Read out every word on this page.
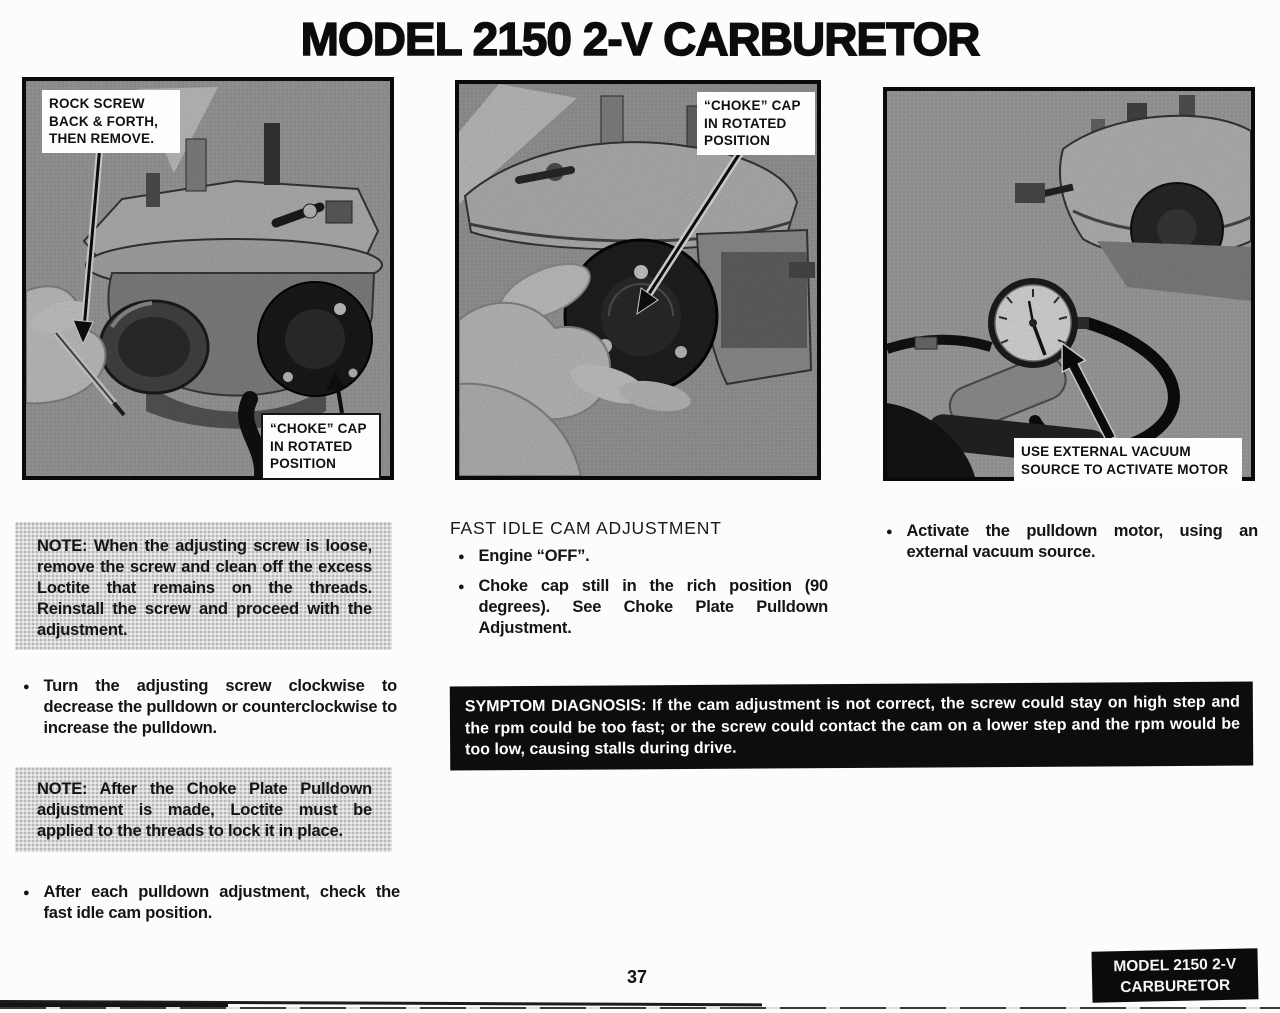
MODEL 2150 2-V CARBURETOR
ROCK SCREW BACK & FORTH, THEN REMOVE.
“CHOKE” CAP IN ROTATED POSITION
“CHOKE” CAP IN ROTATED POSITION
USE EXTERNAL VACUUM SOURCE TO ACTIVATE MOTOR
NOTE: When the adjusting screw is loose, remove the screw and clean off the excess Loctite that remains on the threads. Reinstall the screw and proceed with the adjustment.
● Turn the adjusting screw clockwise to decrease the pulldown or counterclockwise to increase the pulldown.
NOTE: After the Choke Plate Pulldown adjustment is made, Loctite must be applied to the threads to lock it in place.
● After each pulldown adjustment, check the fast idle cam position.
FAST IDLE CAM ADJUSTMENT
● Engine “OFF”.
● Choke cap still in the rich position (90 degrees). See Choke Plate Pulldown Adjustment.
● Activate the pulldown motor, using an external vacuum source.
SYMPTOM DIAGNOSIS: If the cam adjustment is not correct, the screw could stay on high step and the rpm could be too fast; or the screw could contact the cam on a lower step and the rpm would be too low, causing stalls during drive.
37
MODEL 2150 2-V
CARBURETOR
